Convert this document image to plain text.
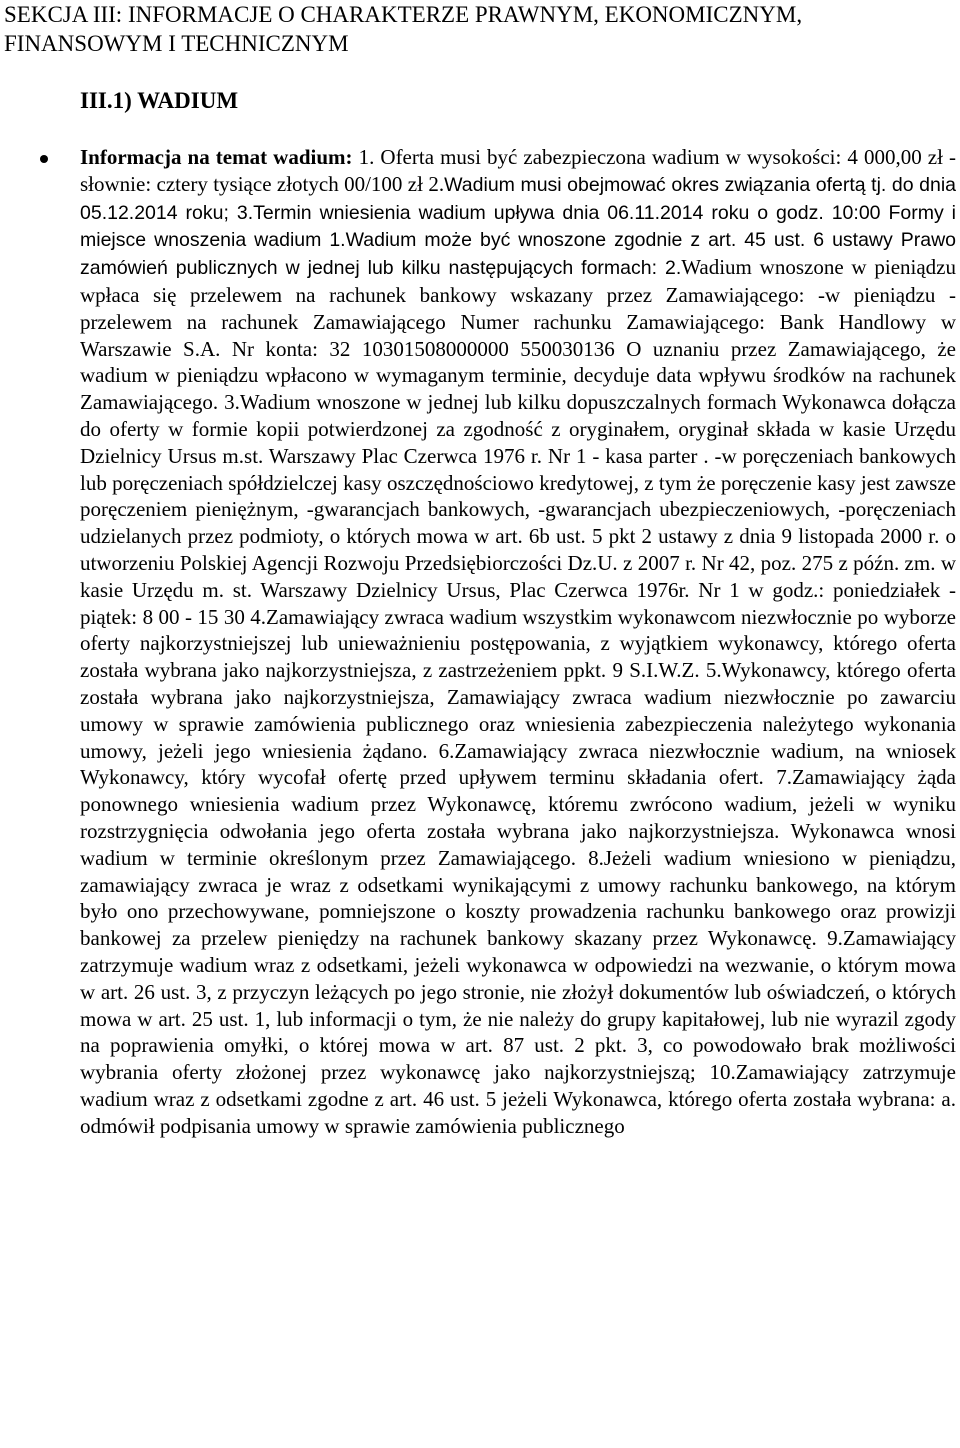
SEKCJA III: INFORMACJE O CHARAKTERZE PRAWNYM, EKONOMICZNYM, FINANSOWYM I TECHNICZNYM
III.1) WADIUM

Informacja na temat wadium: 1. Oferta musi być zabezpieczona wadium w wysokości: 4 000,00 zł -słownie: cztery tysiące złotych 00/100 zł 2.Wadium musi obejmować okres związania ofertą tj. do dnia 05.12.2014 roku; 3.Termin wniesienia wadium upływa dnia 06.11.2014 roku o godz. 10:00 Formy i miejsce wnoszenia wadium 1.Wadium może być wnoszone zgodnie z art. 45 ust. 6 ustawy Prawo zamówień publicznych w jednej lub kilku następujących formach: 2.Wadium wnoszone w pieniądzu wpłaca się przelewem na rachunek bankowy wskazany przez Zamawiającego: -w pieniądzu - przelewem na rachunek Zamawiającego Numer rachunku Zamawiającego: Bank Handlowy w Warszawie S.A. Nr konta: 32 10301508000000 550030136 O uznaniu przez Zamawiającego, że wadium w pieniądzu wpłacono w wymaganym terminie, decyduje data wpływu środków na rachunek Zamawiającego. 3.Wadium wnoszone w jednej lub kilku dopuszczalnych formach Wykonawca dołącza do oferty w formie kopii potwierdzonej za zgodność z oryginałem, oryginał składa w kasie Urzędu Dzielnicy Ursus m.st. Warszawy Plac Czerwca 1976 r. Nr 1 - kasa parter . -w poręczeniach bankowych lub poręczeniach spółdzielczej kasy oszczędnościowo kredytowej, z tym że poręczenie kasy jest zawsze poręczeniem pieniężnym, -gwarancjach bankowych, -gwarancjach ubezpieczeniowych, -poręczeniach udzielanych przez podmioty, o których mowa w art. 6b ust. 5 pkt 2 ustawy z dnia 9 listopada 2000 r. o utworzeniu Polskiej Agencji Rozwoju Przedsiębiorczości Dz.U. z 2007 r. Nr 42, poz. 275 z późn. zm. w kasie Urzędu m. st. Warszawy Dzielnicy Ursus, Plac Czerwca 1976r. Nr 1 w godz.: poniedziałek - piątek: 8 00 - 15 30 4.Zamawiający zwraca wadium wszystkim wykonawcom niezwłocznie po wyborze oferty najkorzystniejszej lub unieważnieniu postępowania, z wyjątkiem wykonawcy, którego oferta została wybrana jako najkorzystniejsza, z zastrzeżeniem ppkt. 9 S.I.W.Z. 5.Wykonawcy, którego oferta została wybrana jako najkorzystniejsza, Zamawiający zwraca wadium niezwłocznie po zawarciu umowy w sprawie zamówienia publicznego oraz wniesienia zabezpieczenia należytego wykonania umowy, jeżeli jego wniesienia żądano. 6.Zamawiający zwraca niezwłocznie wadium, na wniosek Wykonawcy, który wycofał ofertę przed upływem terminu składania ofert. 7.Zamawiający żąda ponownego wniesienia wadium przez Wykonawcę, któremu zwrócono wadium, jeżeli w wyniku rozstrzygnięcia odwołania jego oferta została wybrana jako najkorzystniejsza. Wykonawca wnosi wadium w terminie określonym przez Zamawiającego. 8.Jeżeli wadium wniesiono w pieniądzu, zamawiający zwraca je wraz z odsetkami wynikającymi z umowy rachunku bankowego, na którym było ono przechowywane, pomniejszone o koszty prowadzenia rachunku bankowego oraz prowizji bankowej za przelew pieniędzy na rachunek bankowy skazany przez Wykonawcę. 9.Zamawiający zatrzymuje wadium wraz z odsetkami, jeżeli wykonawca w odpowiedzi na wezwanie, o którym mowa w art. 26 ust. 3, z przyczyn leżących po jego stronie, nie złożył dokumentów lub oświadczeń, o których mowa w art. 25 ust. 1, lub informacji o tym, że nie należy do grupy kapitałowej, lub nie wyrazil zgody na poprawienia omyłki, o której mowa w art. 87 ust. 2 pkt. 3, co powodowało brak możliwości wybrania oferty złożonej przez wykonawcę jako najkorzystniejszą; 10.Zamawiający zatrzymuje wadium wraz z odsetkami zgodne z art. 46 ust. 5 jeżeli Wykonawca, którego oferta została wybrana: a. odmówił podpisania umowy w sprawie zamówienia publicznego
